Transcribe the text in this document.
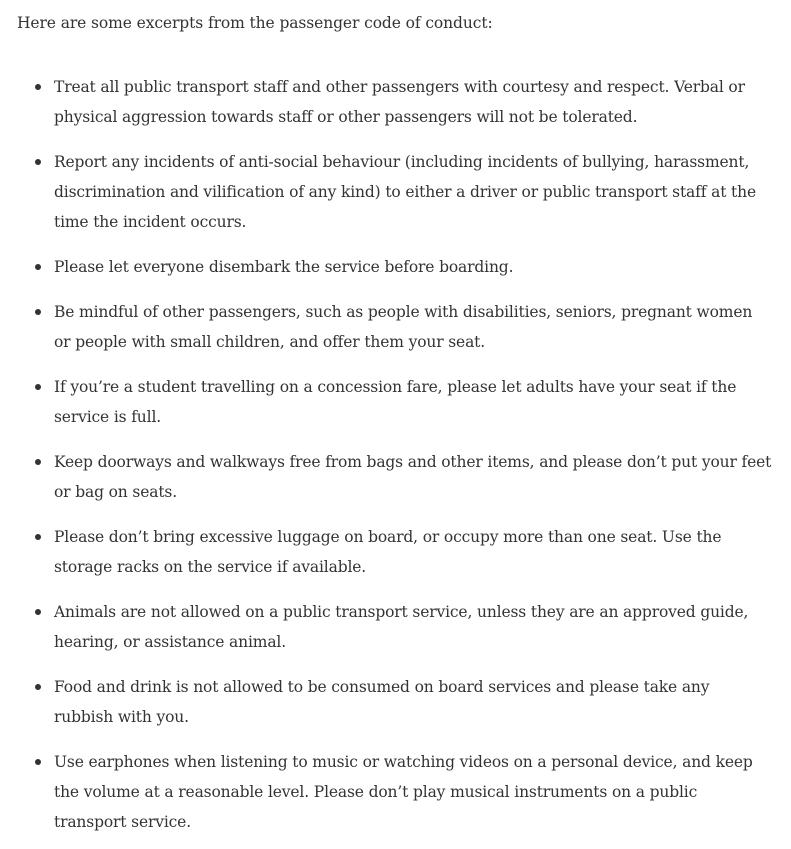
Here are some excerpts from the passenger code of conduct:

Treat all public transport staff and other passengers with courtesy and respect. Verbal or physical aggression towards staff or other passengers will not be tolerated.
Report any incidents of anti-social behaviour (including incidents of bullying, harassment, discrimination and vilification of any kind) to either a driver or public transport staff at the time the incident occurs.
Please let everyone disembark the service before boarding.
Be mindful of other passengers, such as people with disabilities, seniors, pregnant women or people with small children, and offer them your seat.
If you’re a student travelling on a concession fare, please let adults have your seat if the service is full.
Keep doorways and walkways free from bags and other items, and please don’t put your feet or bag on seats.
Please don’t bring excessive luggage on board, or occupy more than one seat. Use the storage racks on the service if available.
Animals are not allowed on a public transport service, unless they are an approved guide, hearing, or assistance animal.
Food and drink is not allowed to be consumed on board services and please take any rubbish with you.
Use earphones when listening to music or watching videos on a personal device, and keep the volume at a reasonable level. Please don’t play musical instruments on a public transport service.
